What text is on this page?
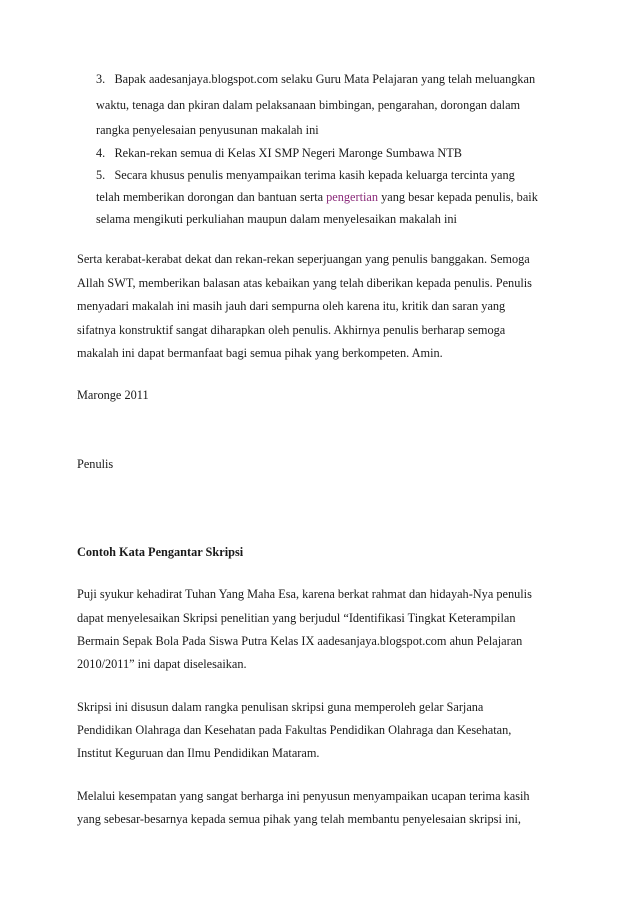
3. Bapak aadesanjaya.blogspot.com selaku Guru Mata Pelajaran yang telah meluangkan
waktu, tenaga dan pkiran dalam pelaksanaan bimbingan, pengarahan, dorongan dalam
rangka penyelesaian penyusunan makalah ini
4. Rekan-rekan semua di Kelas XI SMP Negeri Maronge Sumbawa NTB
5. Secara khusus penulis menyampaikan terima kasih kepada keluarga tercinta yang
telah memberikan dorongan dan bantuan serta pengertian yang besar kepada penulis, baik
selama mengikuti perkuliahan maupun dalam menyelesaikan makalah ini
Serta kerabat-kerabat dekat dan rekan-rekan seperjuangan yang penulis banggakan. Semoga
Allah SWT, memberikan balasan atas kebaikan yang telah diberikan kepada penulis. Penulis
menyadari makalah ini masih jauh dari sempurna oleh karena itu, kritik dan saran yang
sifatnya konstruktif sangat diharapkan oleh penulis. Akhirnya penulis berharap semoga
makalah ini dapat bermanfaat bagi semua pihak yang berkompeten. Amin.
Maronge 2011
Penulis
Contoh Kata Pengantar Skripsi
Puji syukur kehadirat Tuhan Yang Maha Esa, karena berkat rahmat dan hidayah-Nya penulis
dapat menyelesaikan Skripsi penelitian yang berjudul “Identifikasi Tingkat Keterampilan
Bermain Sepak Bola Pada Siswa Putra Kelas IX aadesanjaya.blogspot.com ahun Pelajaran
2010/2011” ini dapat diselesaikan.
Skripsi ini disusun dalam rangka penulisan skripsi guna memperoleh gelar Sarjana
Pendidikan Olahraga dan Kesehatan pada Fakultas Pendidikan Olahraga dan Kesehatan,
Institut Keguruan dan Ilmu Pendidikan Mataram.
Melalui kesempatan yang sangat berharga ini penyusun menyampaikan ucapan terima kasih
yang sebesar-besarnya kepada semua pihak yang telah membantu penyelesaian skripsi ini,
